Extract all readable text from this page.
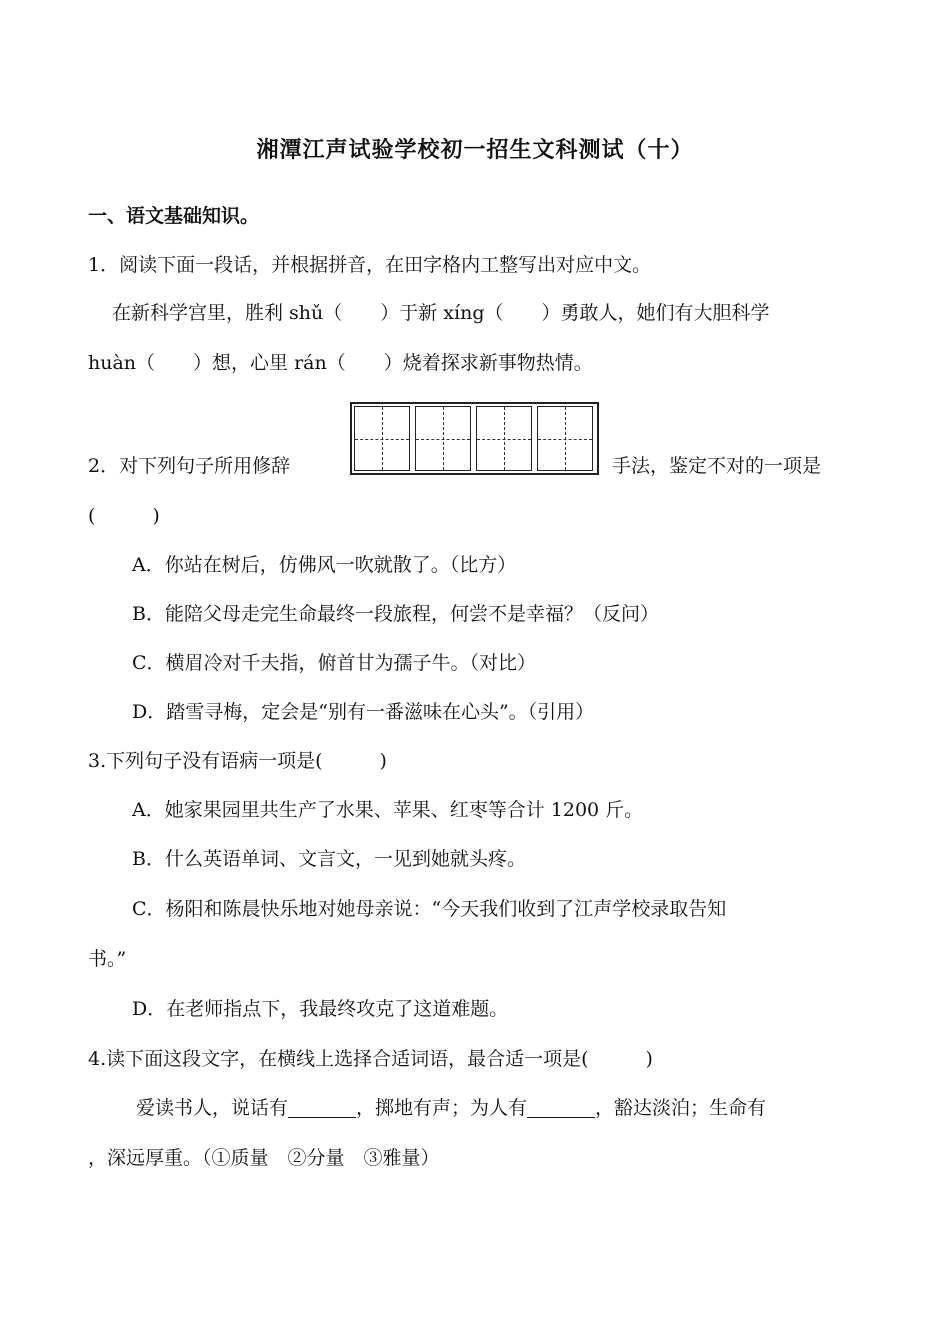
湘潭江声试验学校初一招生文科测试（十）
一、语文基础知识。
1．阅读下面一段话，并根据拼音，在田字格内工整写出对应中文。
在新科学宫里，胜利 shǔ（　　）于新 xíng（　　）勇敢人，她们有大胆科学
huàn（　　）想，心里 rán（　　）烧着探求新事物热情。
2．对下列句子所用修辞	手法，鉴定不对的一项是
(　　　)
A．你站在树后，仿佛风一吹就散了。（比方）
B．能陪父母走完生命最终一段旅程，何尝不是幸福？（反问）
C．横眉冷对千夫指，俯首甘为孺子牛。（对比）
D．踏雪寻梅，定会是“别有一番滋味在心头”。（引用）
3.下列句子没有语病一项是(　　　)
A．她家果园里共生产了水果、苹果、红枣等合计 1200 斤。
B．什么英语单词、文言文，一见到她就头疼。
C．杨阳和陈晨快乐地对她母亲说：“今天我们收到了江声学校录取告知
书。”
D．在老师指点下，我最终攻克了这道难题。
4.读下面这段文字，在横线上选择合适词语，最合适一项是(　　　)
爱读书人，说话有	，掷地有声；为人有	，豁达淡泊；生命有
，深远厚重。（①质量　②分量　③雅量）
